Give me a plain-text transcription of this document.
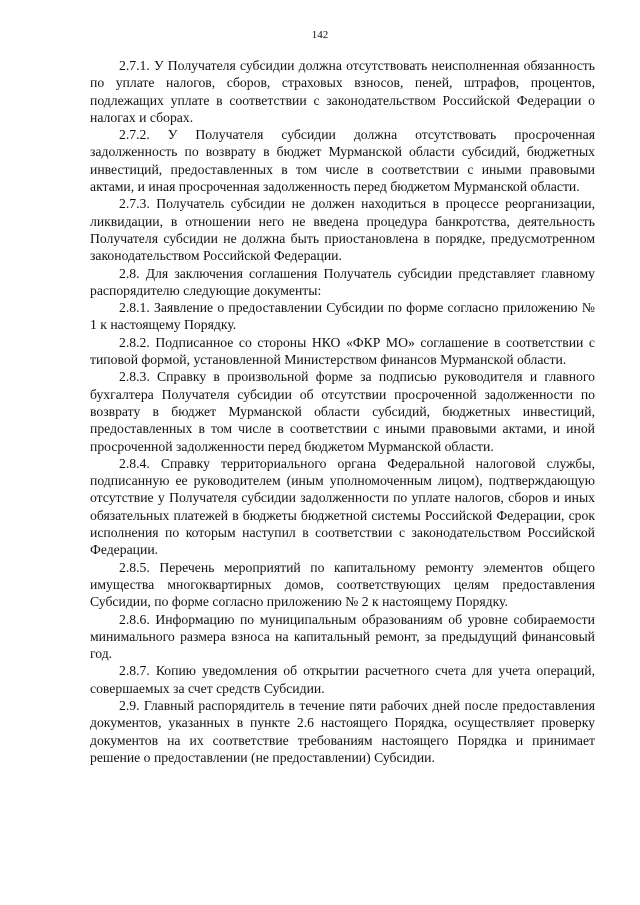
142

2.7.1. У Получателя субсидии должна отсутствовать неисполненная обязанность по уплате налогов, сборов, страховых взносов, пеней, штрафов, процентов, подлежащих уплате в соответствии с законодательством Российской Федерации о налогах и сборах.

2.7.2. У Получателя субсидии должна отсутствовать просроченная задолженность по возврату в бюджет Мурманской области субсидий, бюджетных инвестиций, предоставленных в том числе в соответствии с иными правовыми актами, и иная просроченная задолженность перед бюджетом Мурманской области.

2.7.3. Получатель субсидии не должен находиться в процессе реорганизации, ликвидации, в отношении него не введена процедура банкротства, деятельность Получателя субсидии не должна быть приостановлена в порядке, предусмотренном законодательством Российской Федерации.

2.8. Для заключения соглашения Получатель субсидии представляет главному распорядителю следующие документы:

2.8.1. Заявление о предоставлении Субсидии по форме согласно приложению № 1 к настоящему Порядку.

2.8.2. Подписанное со стороны НКО «ФКР МО» соглашение в соответствии с типовой формой, установленной Министерством финансов Мурманской области.

2.8.3. Справку в произвольной форме за подписью руководителя и главного бухгалтера Получателя субсидии об отсутствии просроченной задолженности по возврату в бюджет Мурманской области субсидий, бюджетных инвестиций, предоставленных в том числе в соответствии с иными правовыми актами, и иной просроченной задолженности перед бюджетом Мурманской области.

2.8.4. Справку территориального органа Федеральной налоговой службы, подписанную ее руководителем (иным уполномоченным лицом), подтверждающую отсутствие у Получателя субсидии задолженности по уплате налогов, сборов и иных обязательных платежей в бюджеты бюджетной системы Российской Федерации, срок исполнения по которым наступил в соответствии с законодательством Российской Федерации.

2.8.5. Перечень мероприятий по капитальному ремонту элементов общего имущества многоквартирных домов, соответствующих целям предоставления Субсидии, по форме согласно приложению № 2 к настоящему Порядку.

2.8.6. Информацию по муниципальным образованиям об уровне собираемости минимального размера взноса на капитальный ремонт, за предыдущий финансовый год.

2.8.7. Копию уведомления об открытии расчетного счета для учета операций, совершаемых за счет средств Субсидии.

2.9. Главный распорядитель в течение пяти рабочих дней после предоставления документов, указанных в пункте 2.6 настоящего Порядка, осуществляет проверку документов на их соответствие требованиям настоящего Порядка и принимает решение о предоставлении (не предоставлении) Субсидии.
